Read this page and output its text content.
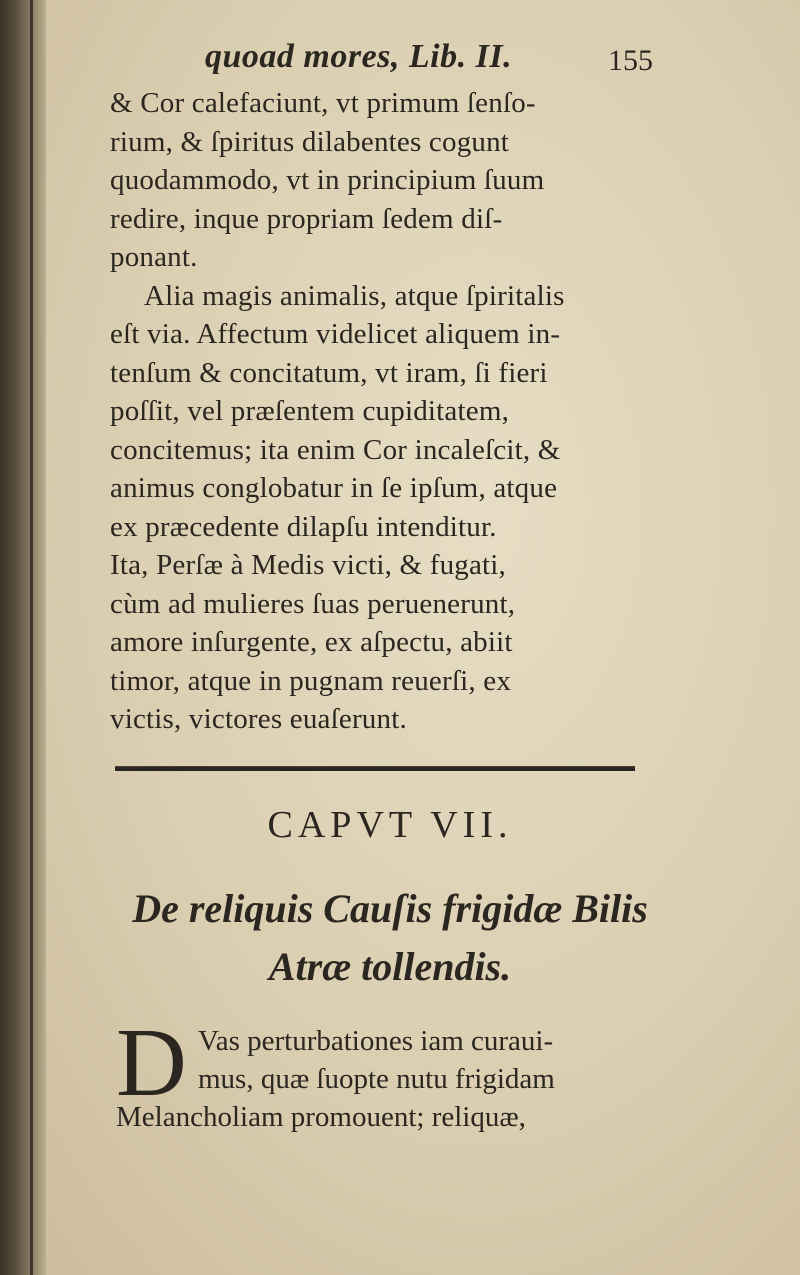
quoad mores, Lib. II.	155
& Cor calefaciunt, vt primum ſenſo-
rium, & ſpiritus dilabentes cogunt
quodammodo, vt in principium ſuum
redire, inque propriam ſedem diſ-
ponant.
Alia magis animalis, atque ſpiritalis
eſt via. Affectum videlicet aliquem in-
tenſum & concitatum, vt iram, ſi fieri
poſſit, vel præſentem cupiditatem,
concitemus; ita enim Cor incaleſcit, &
animus conglobatur in ſe ipſum, atque
ex præcedente dilapſu intenditur.
Ita, Perſæ à Medis victi, & fugati,
cùm ad mulieres ſuas peruenerunt,
amore inſurgente, ex aſpectu, abiit
timor, atque in pugnam reuerſi, ex
victis, victores euaſerunt.
CAPVT VII.
De reliquis Cauſis frigidæ Bilis
Atræ tollendis.
D Vas perturbationes iam curaui-
mus, quæ ſuopte nutu frigidam
Melancholiam promouent; reliquæ,
